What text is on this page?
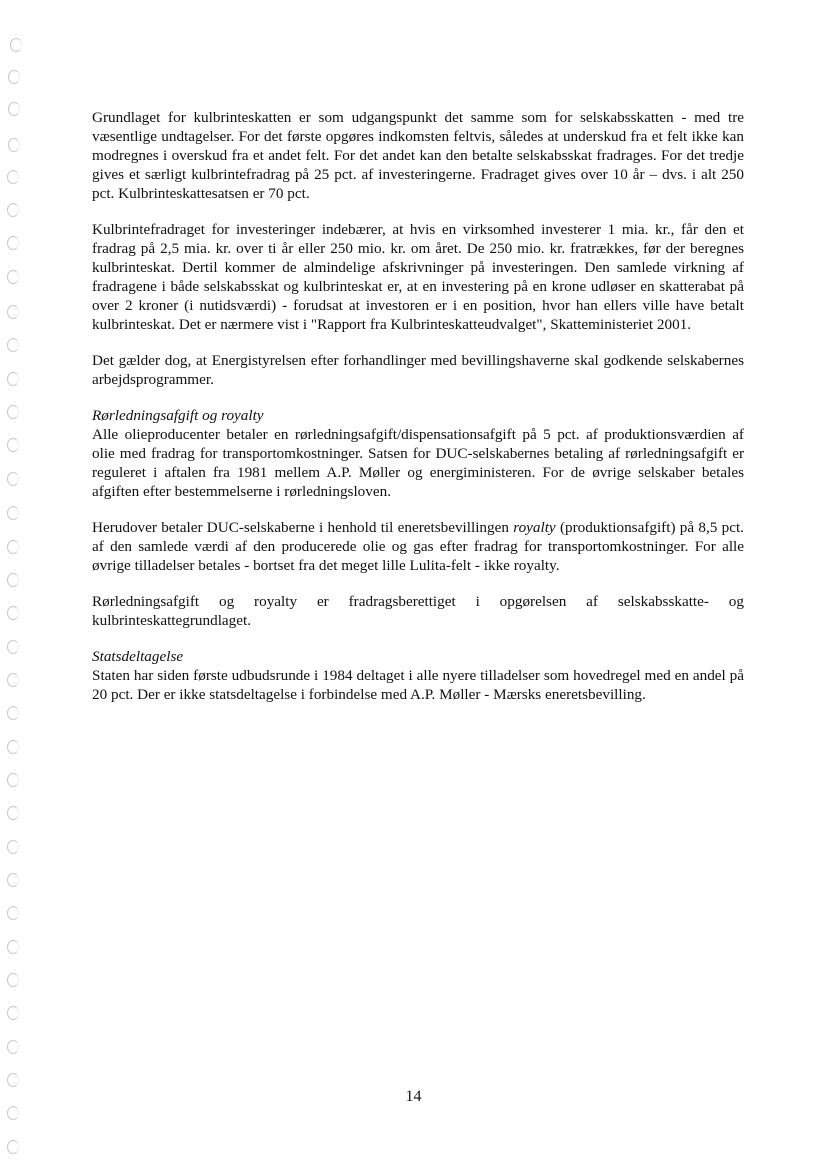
Grundlaget for kulbrinteskatten er som udgangspunkt det samme som for selskabsskatten - med tre væsentlige undtagelser. For det første opgøres indkomsten feltvis, således at underskud fra et felt ikke kan modregnes i overskud fra et andet felt. For det andet kan den betalte selskabsskat fradrages. For det tredje gives et særligt kulbrintefradrag på 25 pct. af investeringerne. Fradraget gives over 10 år – dvs. i alt 250 pct. Kulbrinteskattesatsen er 70 pct.

Kulbrintefradraget for investeringer indebærer, at hvis en virksomhed investerer 1 mia. kr., får den et fradrag på 2,5 mia. kr. over ti år eller 250 mio. kr. om året. De 250 mio. kr. fratrækkes, før der beregnes kulbrinteskat. Dertil kommer de almindelige afskrivninger på investeringen. Den samlede virkning af fradragene i både selskabsskat og kulbrinteskat er, at en investering på en krone udløser en skatterabat på over 2 kroner (i nutidsværdi) - forudsat at investoren er i en position, hvor han ellers ville have betalt kulbrinteskat. Det er nærmere vist i "Rapport fra Kulbrinteskatteudvalget", Skatteministeriet 2001.

Det gælder dog, at Energistyrelsen efter forhandlinger med bevillingshaverne skal godkende selskabernes arbejdsprogrammer.

Rørledningsafgift og royalty
Alle olieproducenter betaler en rørledningsafgift/dispensationsafgift på 5 pct. af produktionsværdien af olie med fradrag for transportomkostninger. Satsen for DUC-selskabernes betaling af rørledningsafgift er reguleret i aftalen fra 1981 mellem A.P. Møller og energiministeren. For de øvrige selskaber betales afgiften efter bestemmelserne i rørledningsloven.

Herudover betaler DUC-selskaberne i henhold til eneretsbevillingen royalty (produktionsafgift) på 8,5 pct. af den samlede værdi af den producerede olie og gas efter fradrag for transportomkostninger. For alle øvrige tilladelser betales - bortset fra det meget lille Lulita-felt - ikke royalty.

Rørledningsafgift og royalty er fradragsberettiget i opgørelsen af selskabsskatte- og kulbrinteskattegrundlaget.

Statsdeltagelse
Staten har siden første udbudsrunde i 1984 deltaget i alle nyere tilladelser som hovedregel med en andel på 20 pct. Der er ikke statsdeltagelse i forbindelse med A.P. Møller - Mærsks eneretsbevilling.

14
